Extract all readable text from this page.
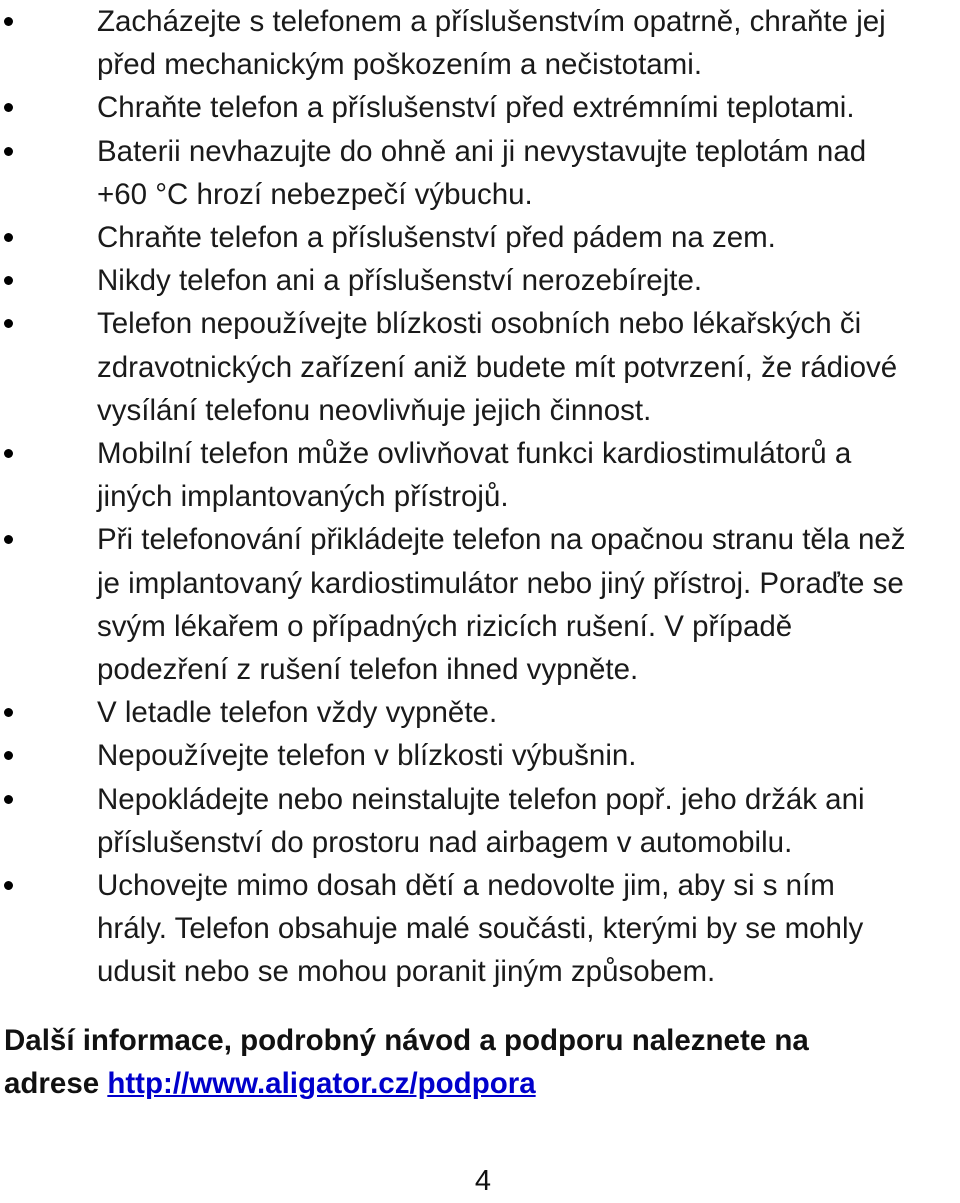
Zacházejte s telefonem a příslušenstvím opatrně, chraňte jej
před mechanickým poškozením a nečistotami.
Chraňte telefon a příslušenství před extrémními teplotami.
Baterii nevhazujte do ohně ani ji nevystavujte teplotám nad
+60 °C hrozí nebezpečí výbuchu.
Chraňte telefon a příslušenství před pádem na zem.
Nikdy telefon ani a příslušenství nerozebírejte.
Telefon nepoužívejte blízkosti osobních nebo lékařských či
zdravotnických zařízení aniž budete mít potvrzení, že rádiové
vysílání telefonu neovlivňuje jejich činnost.
Mobilní telefon může ovlivňovat funkci kardiostimulátorů a
jiných implantovaných přístrojů.
Při telefonování přikládejte telefon na opačnou stranu těla než
je implantovaný kardiostimulátor nebo jiný přístroj. Poraďte se
svým lékařem o případných rizicích rušení. V případě
podezření z rušení telefon ihned vypněte.
V letadle telefon vždy vypněte.
Nepoužívejte telefon v blízkosti výbušnin.
Nepokládejte nebo neinstalujte telefon popř. jeho držák ani
příslušenství do prostoru nad airbagem v automobilu.
Uchovejte mimo dosah dětí a nedovolte jim, aby si s ním
hrály. Telefon obsahuje malé součásti, kterými by se mohly
udusit nebo se mohou poranit jiným způsobem.
Další informace, podrobný návod a podporu naleznete na
adrese http://www.aligator.cz/podpora
4
